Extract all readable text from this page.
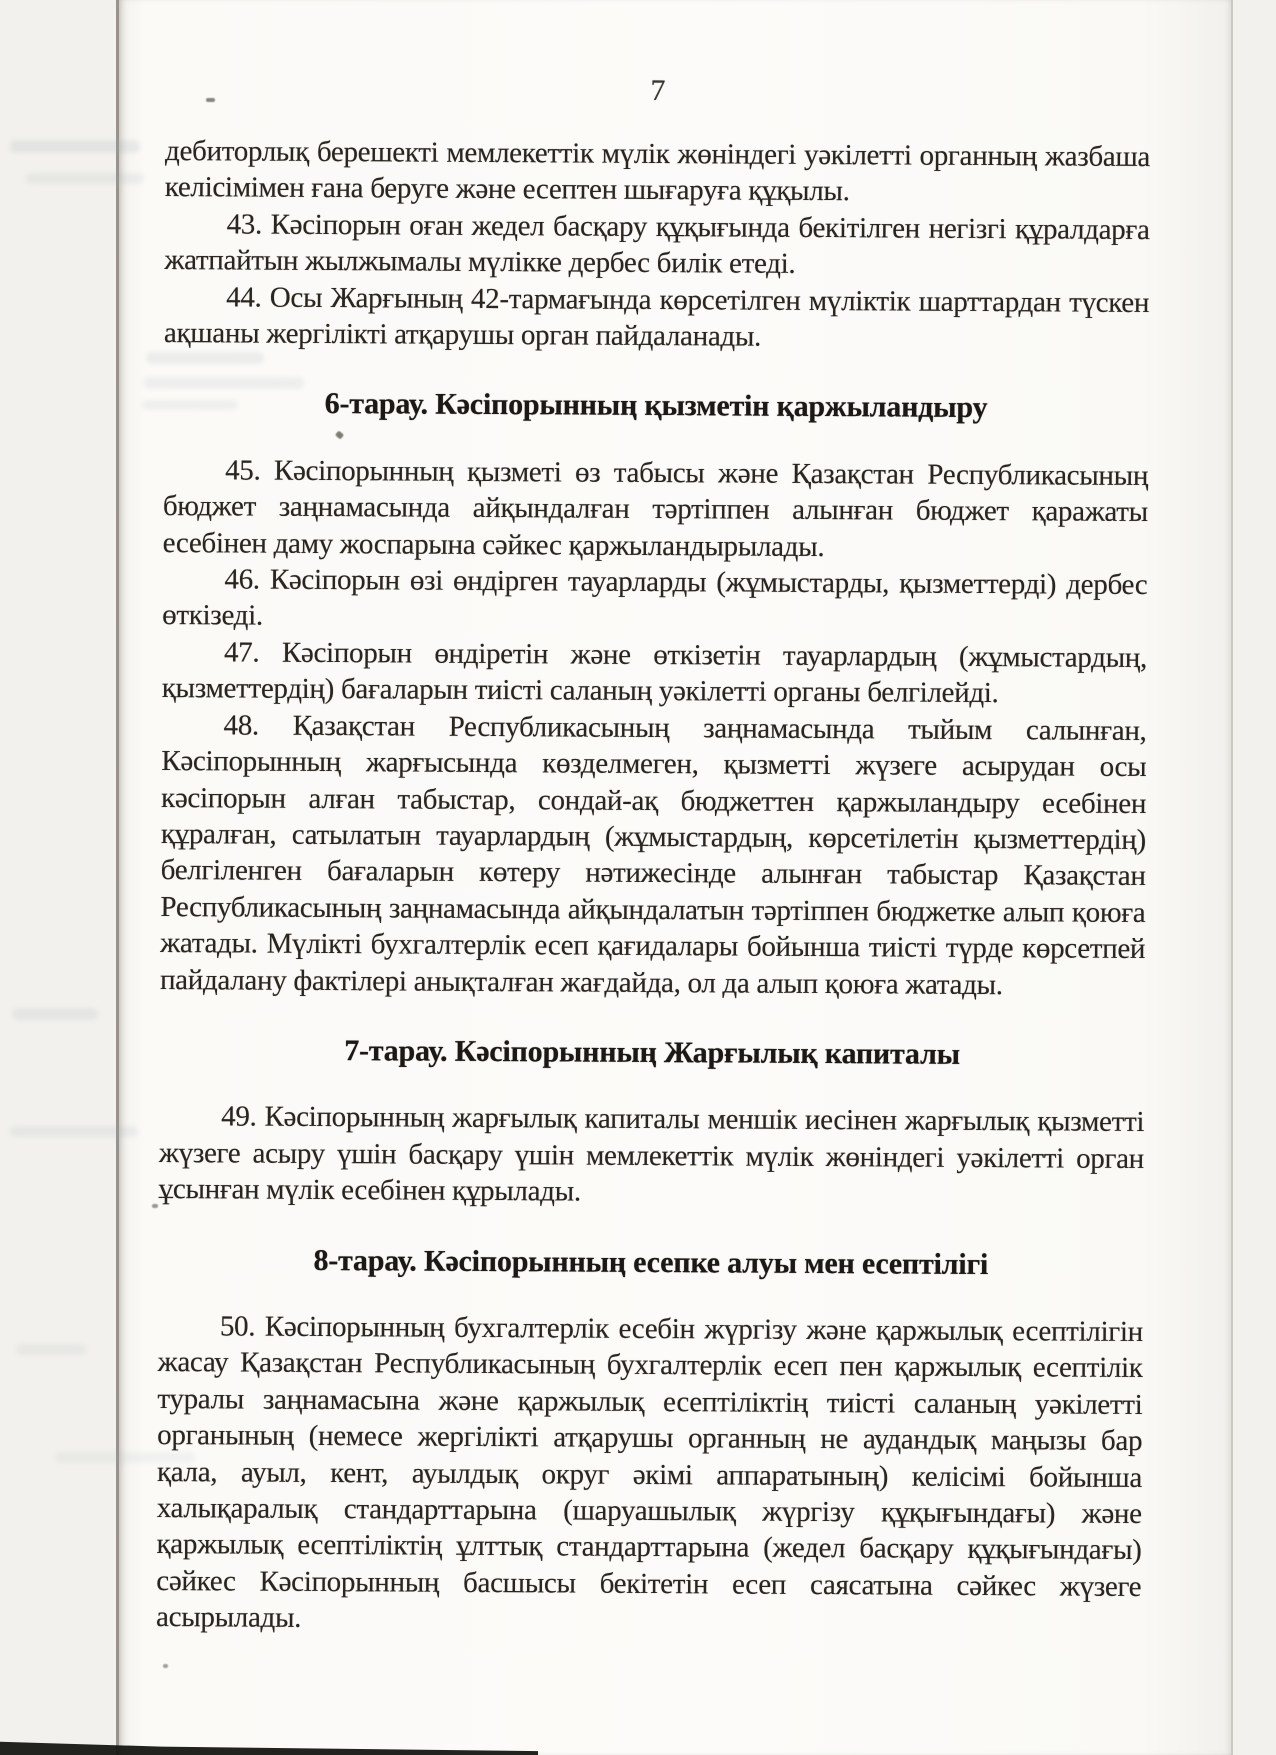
7
дебиторлық берешекті мемлекеттік мүлік жөніндегі уәкілетті органның жазбаша келісімімен ғана беруге және есептен шығаруға құқылы.
43. Кәсіпорын оған жедел басқару құқығында бекітілген негізгі құралдарға жатпайтын жылжымалы мүлікке дербес билік етеді.
44. Осы Жарғының 42-тармағында көрсетілген мүліктік шарттардан түскен ақшаны жергілікті атқарушы орган пайдаланады.
6-тарау. Кәсіпорынның қызметін қаржыландыру
45. Кәсіпорынның қызметі өз табысы және Қазақстан Республикасының бюджет заңнамасында айқындалған тәртіппен алынған бюджет қаражаты есебінен даму жоспарына сәйкес қаржыландырылады.
46. Кәсіпорын өзі өндірген тауарларды (жұмыстарды, қызметтерді) дербес өткізеді.
47. Кәсіпорын өндіретін және өткізетін тауарлардың (жұмыстардың, қызметтердің) бағаларын тиісті саланың уәкілетті органы белгілейді.
48. Қазақстан Республикасының заңнамасында тыйым салынған, Кәсіпорынның жарғысында көзделмеген, қызметті жүзеге асырудан осы кәсіпорын алған табыстар, сондай-ақ бюджеттен қаржыландыру есебінен құралған, сатылатын тауарлардың (жұмыстардың, көрсетілетін қызметтердің) белгіленген бағаларын көтеру нәтижесінде алынған табыстар Қазақстан Республикасының заңнамасында айқындалатын тәртіппен бюджетке алып қоюға жатады. Мүлікті бухгалтерлік есеп қағидалары бойынша тиісті түрде көрсетпей пайдалану фактілері анықталған жағдайда, ол да алып қоюға жатады.
7-тарау. Кәсіпорынның Жарғылық капиталы
49. Кәсіпорынның жарғылық капиталы меншік иесінен жарғылық қызметті жүзеге асыру үшін басқару үшін мемлекеттік мүлік жөніндегі уәкілетті орган ұсынған мүлік есебінен құрылады.
8-тарау. Кәсіпорынның есепке алуы мен есептілігі
50. Кәсіпорынның бухгалтерлік есебін жүргізу және қаржылық есептілігін жасау Қазақстан Республикасының бухгалтерлік есеп пен қаржылық есептілік туралы заңнамасына және қаржылық есептіліктің тиісті саланың уәкілетті органының (немесе жергілікті атқарушы органның не аудандық маңызы бар қала, ауыл, кент, ауылдық округ әкімі аппаратының) келісімі бойынша халықаралық стандарттарына (шаруашылық жүргізу құқығындағы) және қаржылық есептіліктің ұлттық стандарттарына (жедел басқару құқығындағы) сәйкес Кәсіпорынның басшысы бекітетін есеп саясатына сәйкес жүзеге асырылады.
